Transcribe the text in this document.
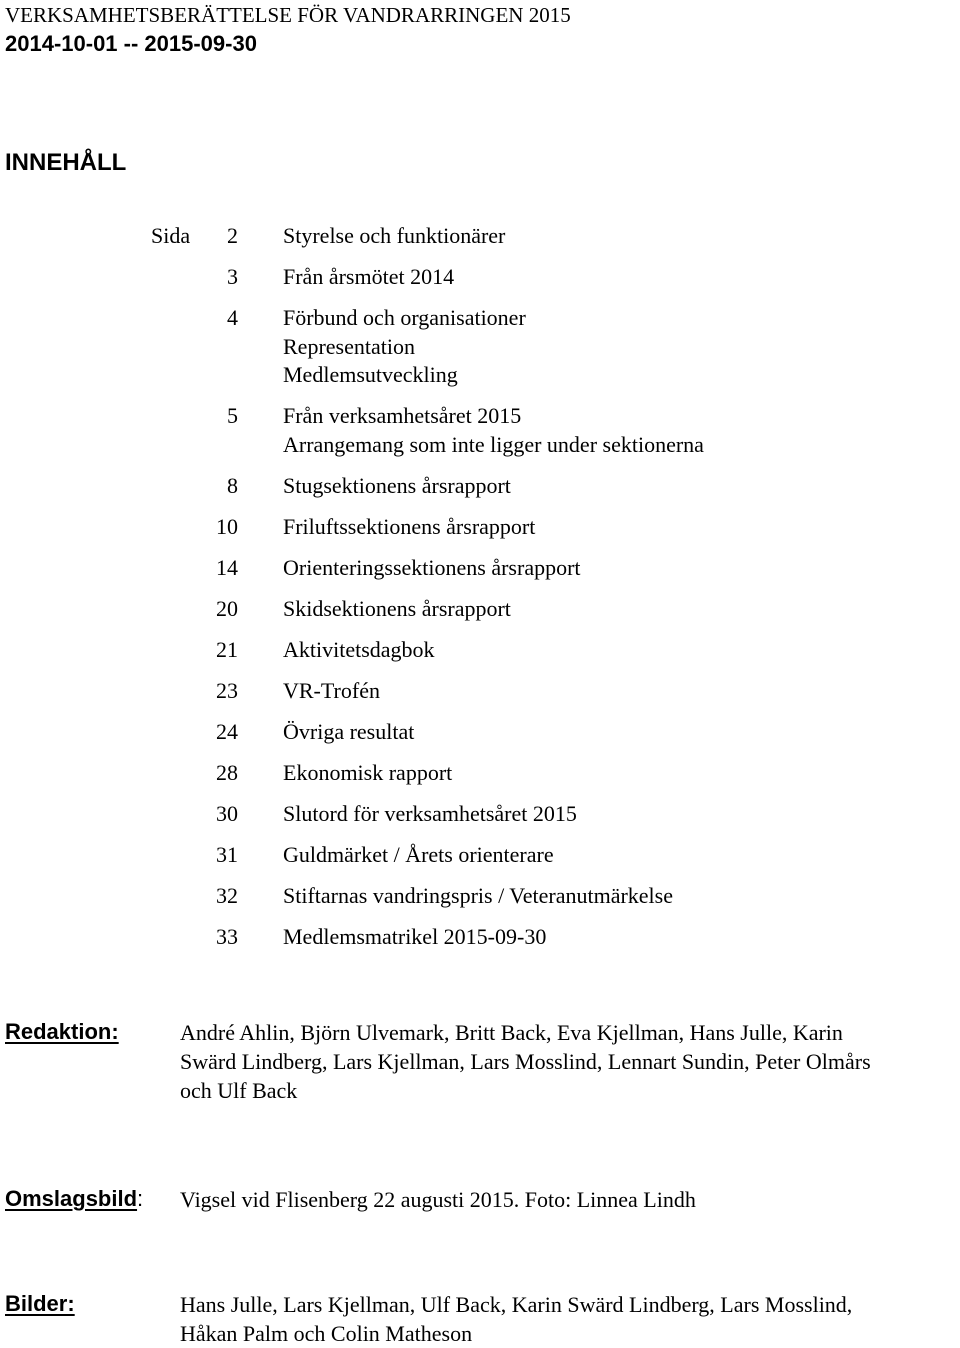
VERKSAMHETSBERÄTTELSE FÖR VANDRARRINGEN 2015
2014-10-01 -- 2015-09-30
INNEHÅLL
Sida	2 Styrelse och funktionärer
3 Från årsmötet 2014
4 Förbund och organisationer
Representation
Medlemsutveckling
5 Från verksamhetsåret 2015
Arrangemang som inte ligger under sektionerna
8 Stugsektionens årsrapport
10 Friluftssektionens årsrapport
14 Orienteringssektionens årsrapport
20 Skidsektionens årsrapport
21 Aktivitetsdagbok
23 VR-Trofén
24 Övriga resultat
28 Ekonomisk rapport
30 Slutord för verksamhetsåret 2015
31 Guldmärket / Årets orienterare
32 Stiftarnas vandringspris / Veteranutmärkelse
33 Medlemsmatrikel 2015-09-30
Redaktion:	André Ahlin, Björn Ulvemark, Britt Back, Eva Kjellman, Hans Julle, Karin
Swärd Lindberg, Lars Kjellman, Lars Mosslind, Lennart Sundin, Peter Olmårs
och Ulf Back
Omslagsbild: Vigsel vid Flisenberg 22 augusti 2015. Foto: Linnea Lindh
Bilder:	Hans Julle, Lars Kjellman, Ulf Back, Karin Swärd Lindberg, Lars Mosslind,
Håkan Palm och Colin Matheson
